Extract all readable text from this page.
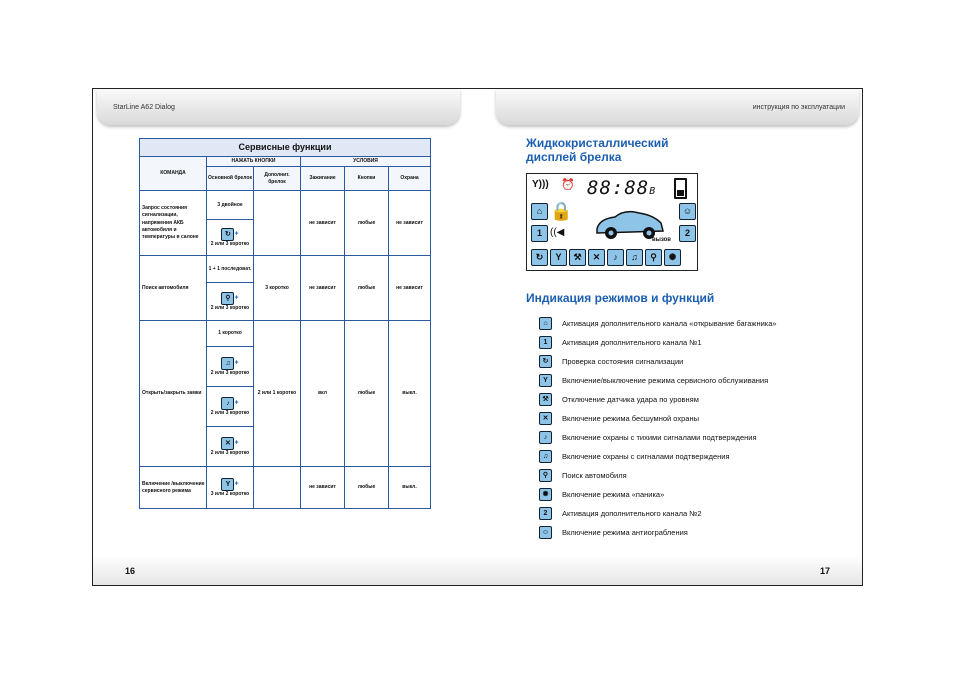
StarLine A62 Dialog	инструкция по эксплуатации
Сервисные функции					
КОМАНДА	НАЖАТЬ КНОПКИ		УСЛОВИЯ		
	Основной брелок	Дополнит. брелок	Зажигание	Кнопки	Охрана
Запрос состояния сигнализации, напряжения АКБ автомобиля и температуры в салоне	3 двойное		не зависит	любые	не зависит
	↻ +
2 или 3 коротко				
Поиск автомобиля	1 + 1 последоват.	3 коротко	не зависит	любые	не зависит
	⚲ +
2 или 3 коротко				
Открыть/закрыть замки	1 коротко	2 или 1 коротко	вкл	любые	выкл.
	♫ +
2 или 3 коротко				
	♪ +
2 или 3 коротко				
	✕ +
2 или 3 коротко				
Включение /выключение сервисного режима	Y +
3 или 2 коротко		не зависит	любые	выкл.
Жидкокристаллический
дисплей брелка
Y))) ⏰ 88:88В
⌂ 🔒
1 ((◀
☺
2
вызов
↻	Y	⚒	✕	♪	♫	⚲	✺
Индикация режимов и функций
⌂	Активация дополнительного канала «открывание багажника»
1	Активация дополнительного канала №1
↻	Проверка состояния сигнализации
Y	Включение/выключение режима сервисного обслуживания
⚒	Отключение датчика удара по уровням
✕	Включение режима бесшумной охраны
♪	Включение охраны с тихими сигналами подтверждения
♫	Включение охраны с сигналами подтверждения
⚲	Поиск автомобиля
✺	Включение режима «паника»
2	Активация дополнительного канала №2
☺	Включение режима антиограбления
16	17
